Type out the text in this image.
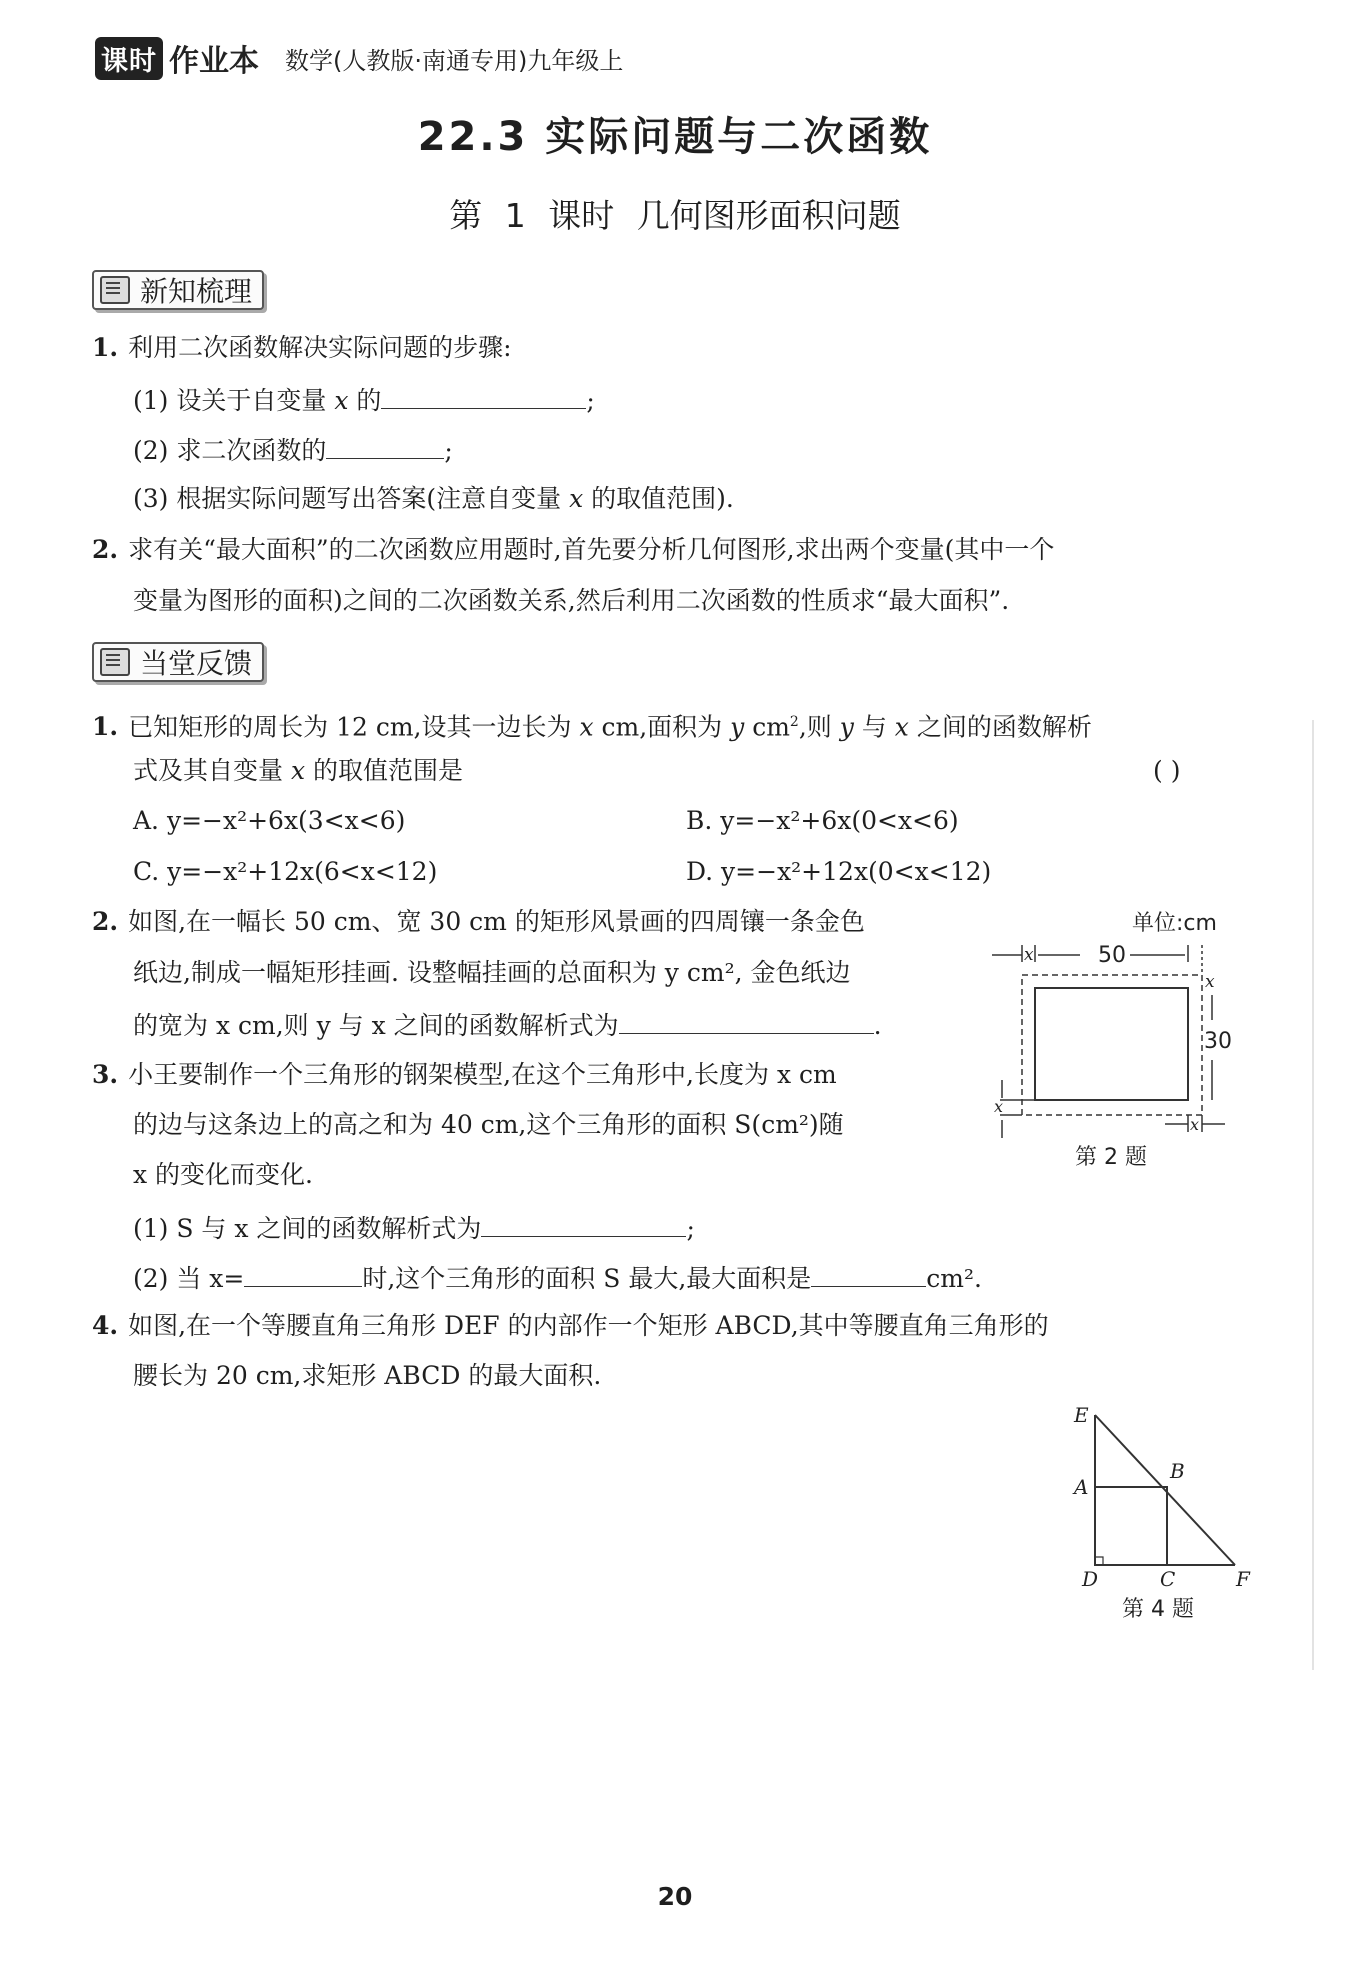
课时 作业本 数学(人教版·南通专用)九年级上
22.3 实际问题与二次函数
第 1 课时 几何图形面积问题
新知梳理
1. 利用二次函数解决实际问题的步骤:
(1) 设关于自变量 x 的	;
(2) 求二次函数的	;
(3) 根据实际问题写出答案(注意自变量 x 的取值范围).
2. 求有关“最大面积”的二次函数应用题时,首先要分析几何图形,求出两个变量(其中一个
变量为图形的面积)之间的二次函数关系,然后利用二次函数的性质求“最大面积”.
当堂反馈
1. 已知矩形的周长为 12 cm,设其一边长为 x cm,面积为 y $cm^2$,则 y 与 x 之间的函数解析
式及其自变量 x 的取值范围是	( )
A. y=−x²+6x(3<x<6)	B. y=−x²+6x(0<x<6)
C. y=−x²+12x(6<x<12)	D. y=−x²+12x(0<x<12)
2. 如图,在一幅长 50 cm、宽 30 cm 的矩形风景画的四周镶一条金色
纸边,制成一幅矩形挂画. 设整幅挂画的总面积为 y cm², 金色纸边
的宽为 x cm,则 y 与 x 之间的函数解析式为	.
3. 小王要制作一个三角形的钢架模型,在这个三角形中,长度为 x cm
的边与这条边上的高之和为 40 cm,这个三角形的面积 S(cm²)随
x 的变化而变化.
(1) S 与 x 之间的函数解析式为	;
(2) 当 x=	时,这个三角形的面积 S 最大,最大面积是	cm².
4. 如图,在一个等腰直角三角形 DEF 的内部作一个矩形 ABCD,其中等腰直角三角形的
腰长为 20 cm,求矩形 ABCD 的最大面积.
单位:cm
x	50
x
30
x
x
第 2 题
E
A
B
D	C	F
第 4 题
20
